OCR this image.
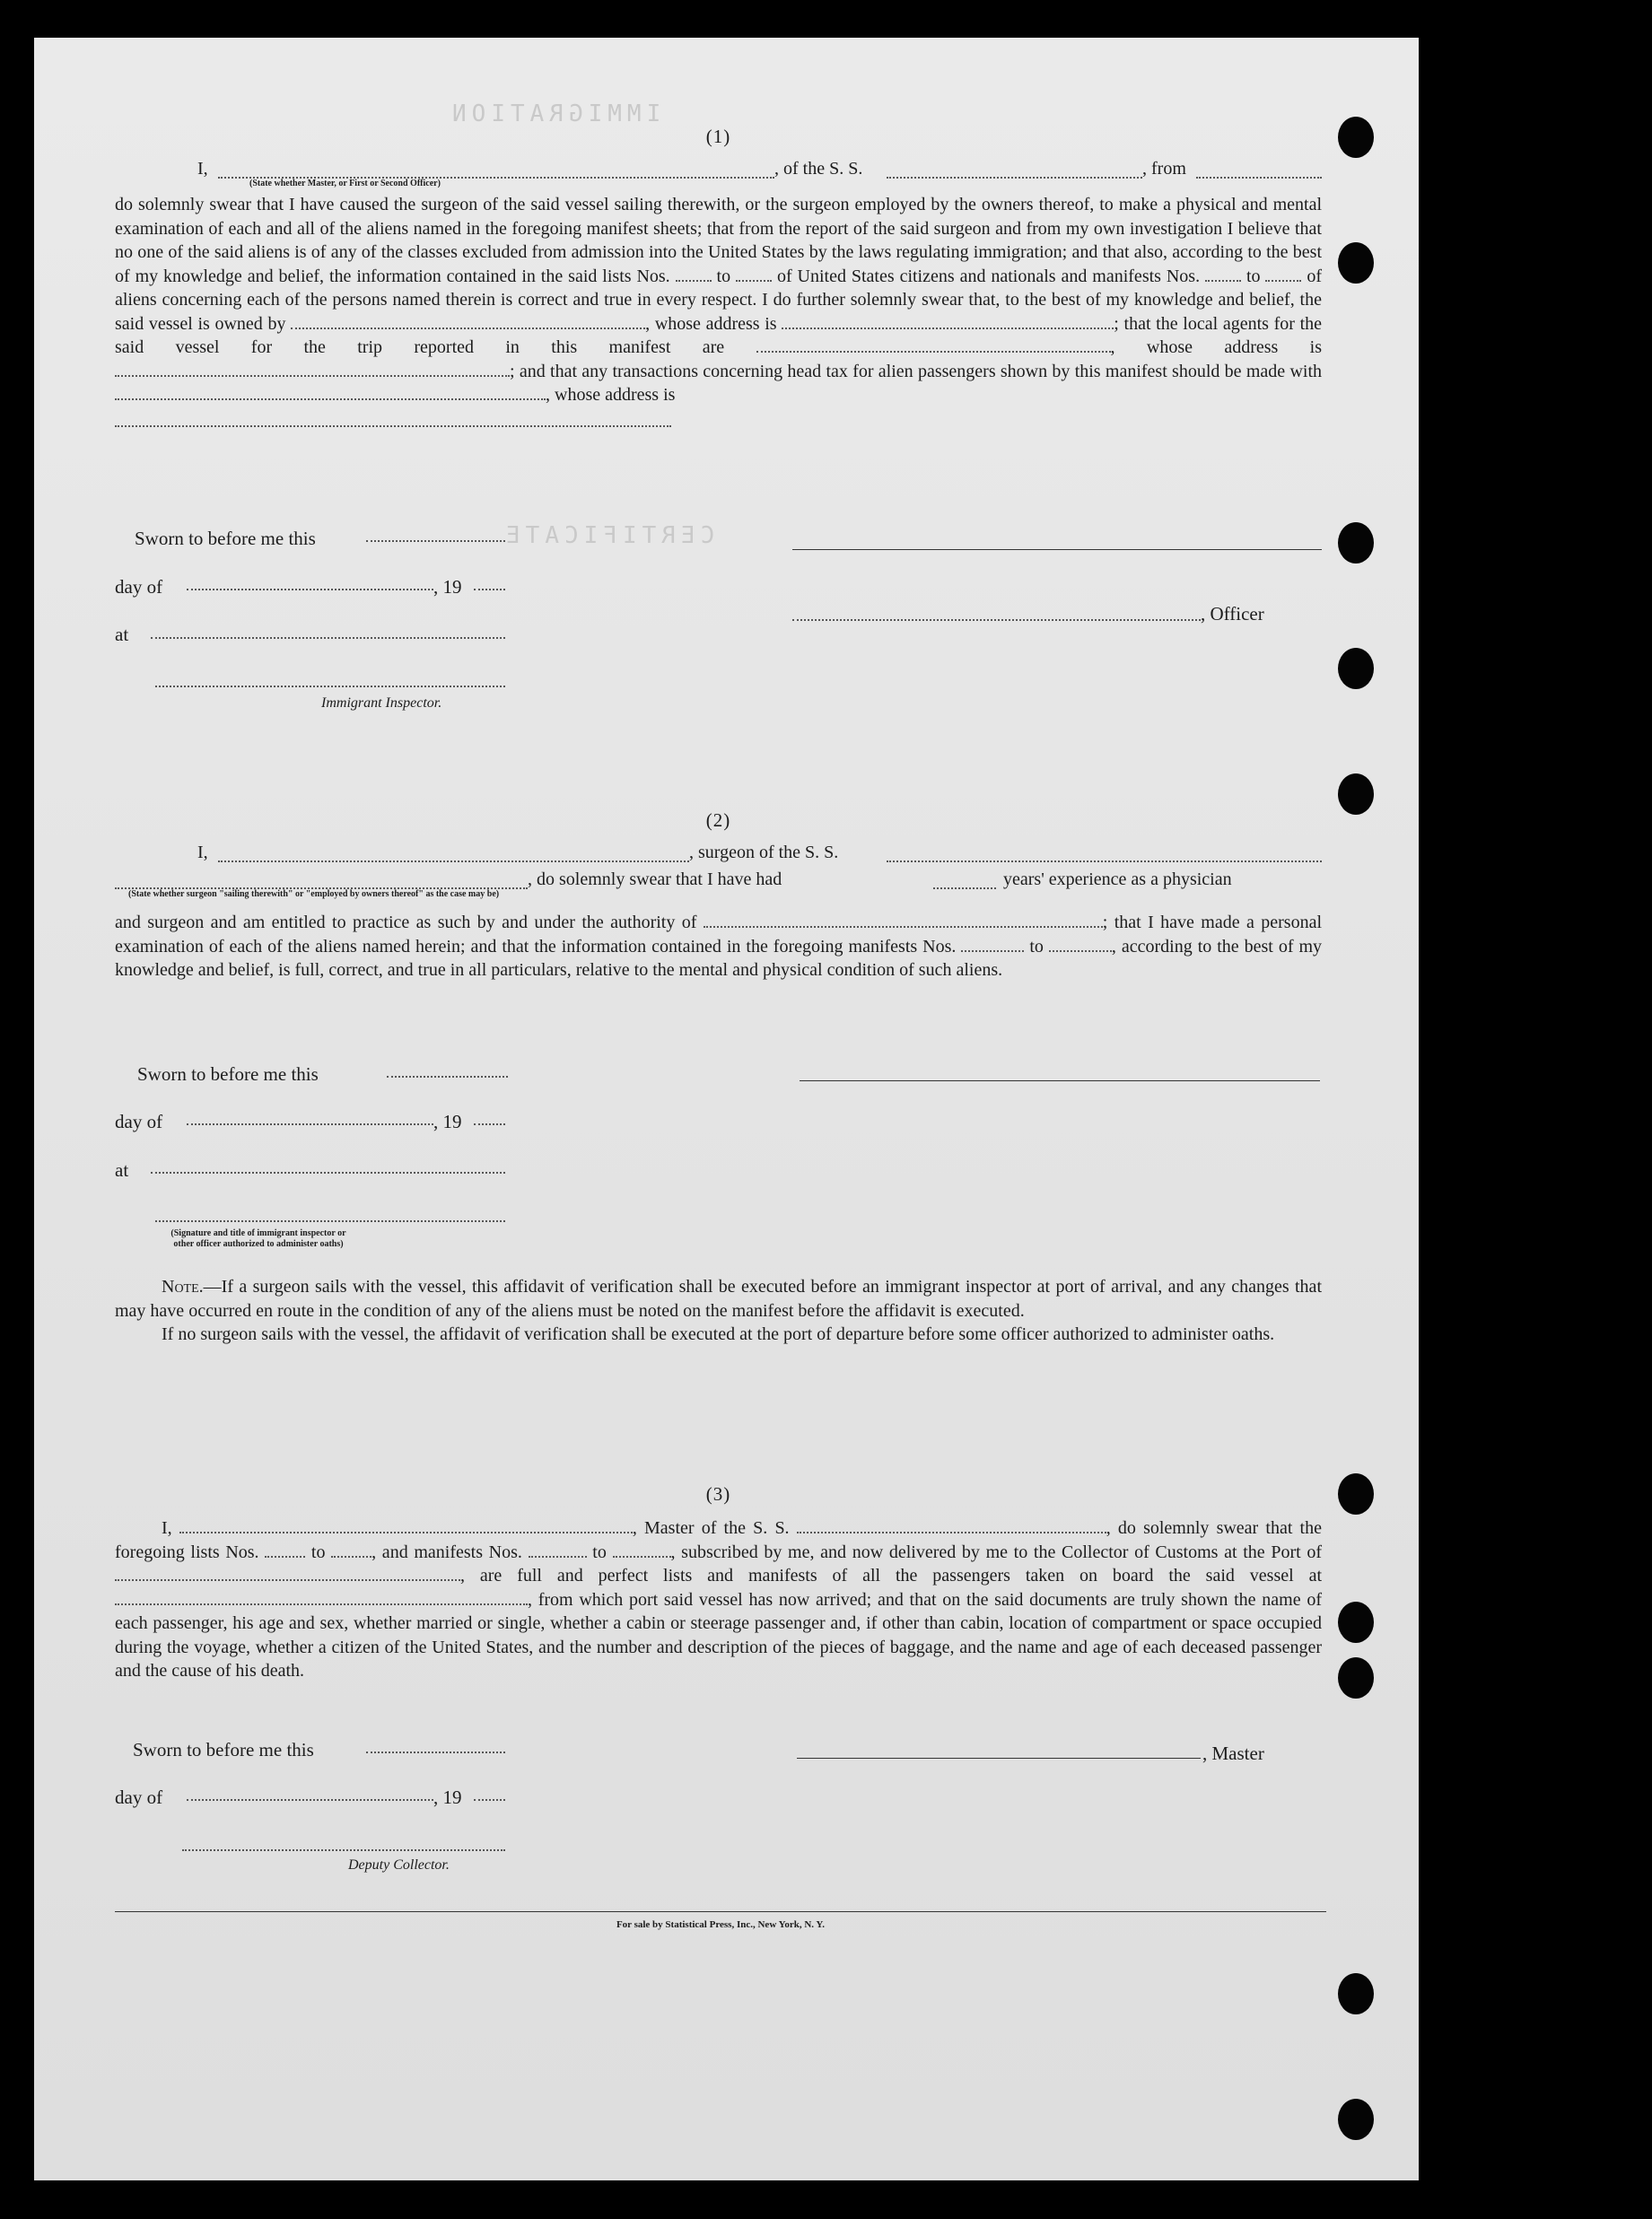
IMMIGRATION
CERTIFICATE
(1)
I,	, of the S. S.	, from
(State whether Master, or First or Second Officer)

do solemnly swear that I have caused the surgeon of the said vessel sailing therewith, or the surgeon employed by the owners thereof, to make a physical and mental examination of each and all of the aliens named in the foregoing manifest sheets; that from the report of the said surgeon and from my own investigation I believe that no one of the said aliens is of any of the classes excluded from admission into the United States by the laws regulating immigration; and that also, according to the best of my knowledge and belief, the information contained in the said lists Nos.	to	of United States citizens and nationals and manifests Nos.	to	of aliens concerning each of the persons named therein is correct and true in every respect. I do further solemnly swear that, to the best of my knowledge and belief, the said vessel is owned by	, whose address is	; that the local agents for the said vessel for the trip reported in this manifest are	, whose address is ; and that any transactions concerning head tax for alien passengers shown by this manifest should be made with , whose address is

Sworn to before me this
day of	, 19
, Officer
at
Immigrant Inspector.
(2)
I,	, surgeon of the S. S.
, do solemnly swear that I have had	years' experience as a physician
(State whether surgeon "sailing therewith" or "employed by owners thereof" as the case may be)

and surgeon and am entitled to practice as such by and under the authority of	; that I have made a personal examination of each of the aliens named herein; and that the information contained in the foregoing manifests Nos.	to	, according to the best of my knowledge and belief, is full, correct, and true in all particulars, relative to the mental and physical condition of such aliens.

Sworn to before me this
day of	, 19
at
(Signature and title of immigrant inspector or other officer authorized to administer oaths)

Note.—If a surgeon sails with the vessel, this affidavit of verification shall be executed before an immigrant inspector at port of arrival, and any changes that may have occurred en route in the condition of any of the aliens must be noted on the manifest before the affidavit is executed.

If no surgeon sails with the vessel, the affidavit of verification shall be executed at the port of departure before some officer authorized to administer oaths.

(3)

I,	, Master of the S. S.	, do solemnly swear that the foregoing lists Nos.	to	, and manifests Nos.	to	, subscribed by me, and now delivered by me to the Collector of Customs at the Port of , are full and perfect lists and manifests of all the passengers taken on board the said vessel at , from which port said vessel has now arrived; and that on the said documents are truly shown the name of each passenger, his age and sex, whether married or single, whether a cabin or steerage passenger and, if other than cabin, location of compartment or space occupied during the voyage, whether a citizen of the United States, and the number and description of the pieces of baggage, and the name and age of each deceased passenger and the cause of his death.

Sworn to before me this	, Master
day of	, 19
Deputy Collector.
For sale by Statistical Press, Inc., New York, N. Y.
